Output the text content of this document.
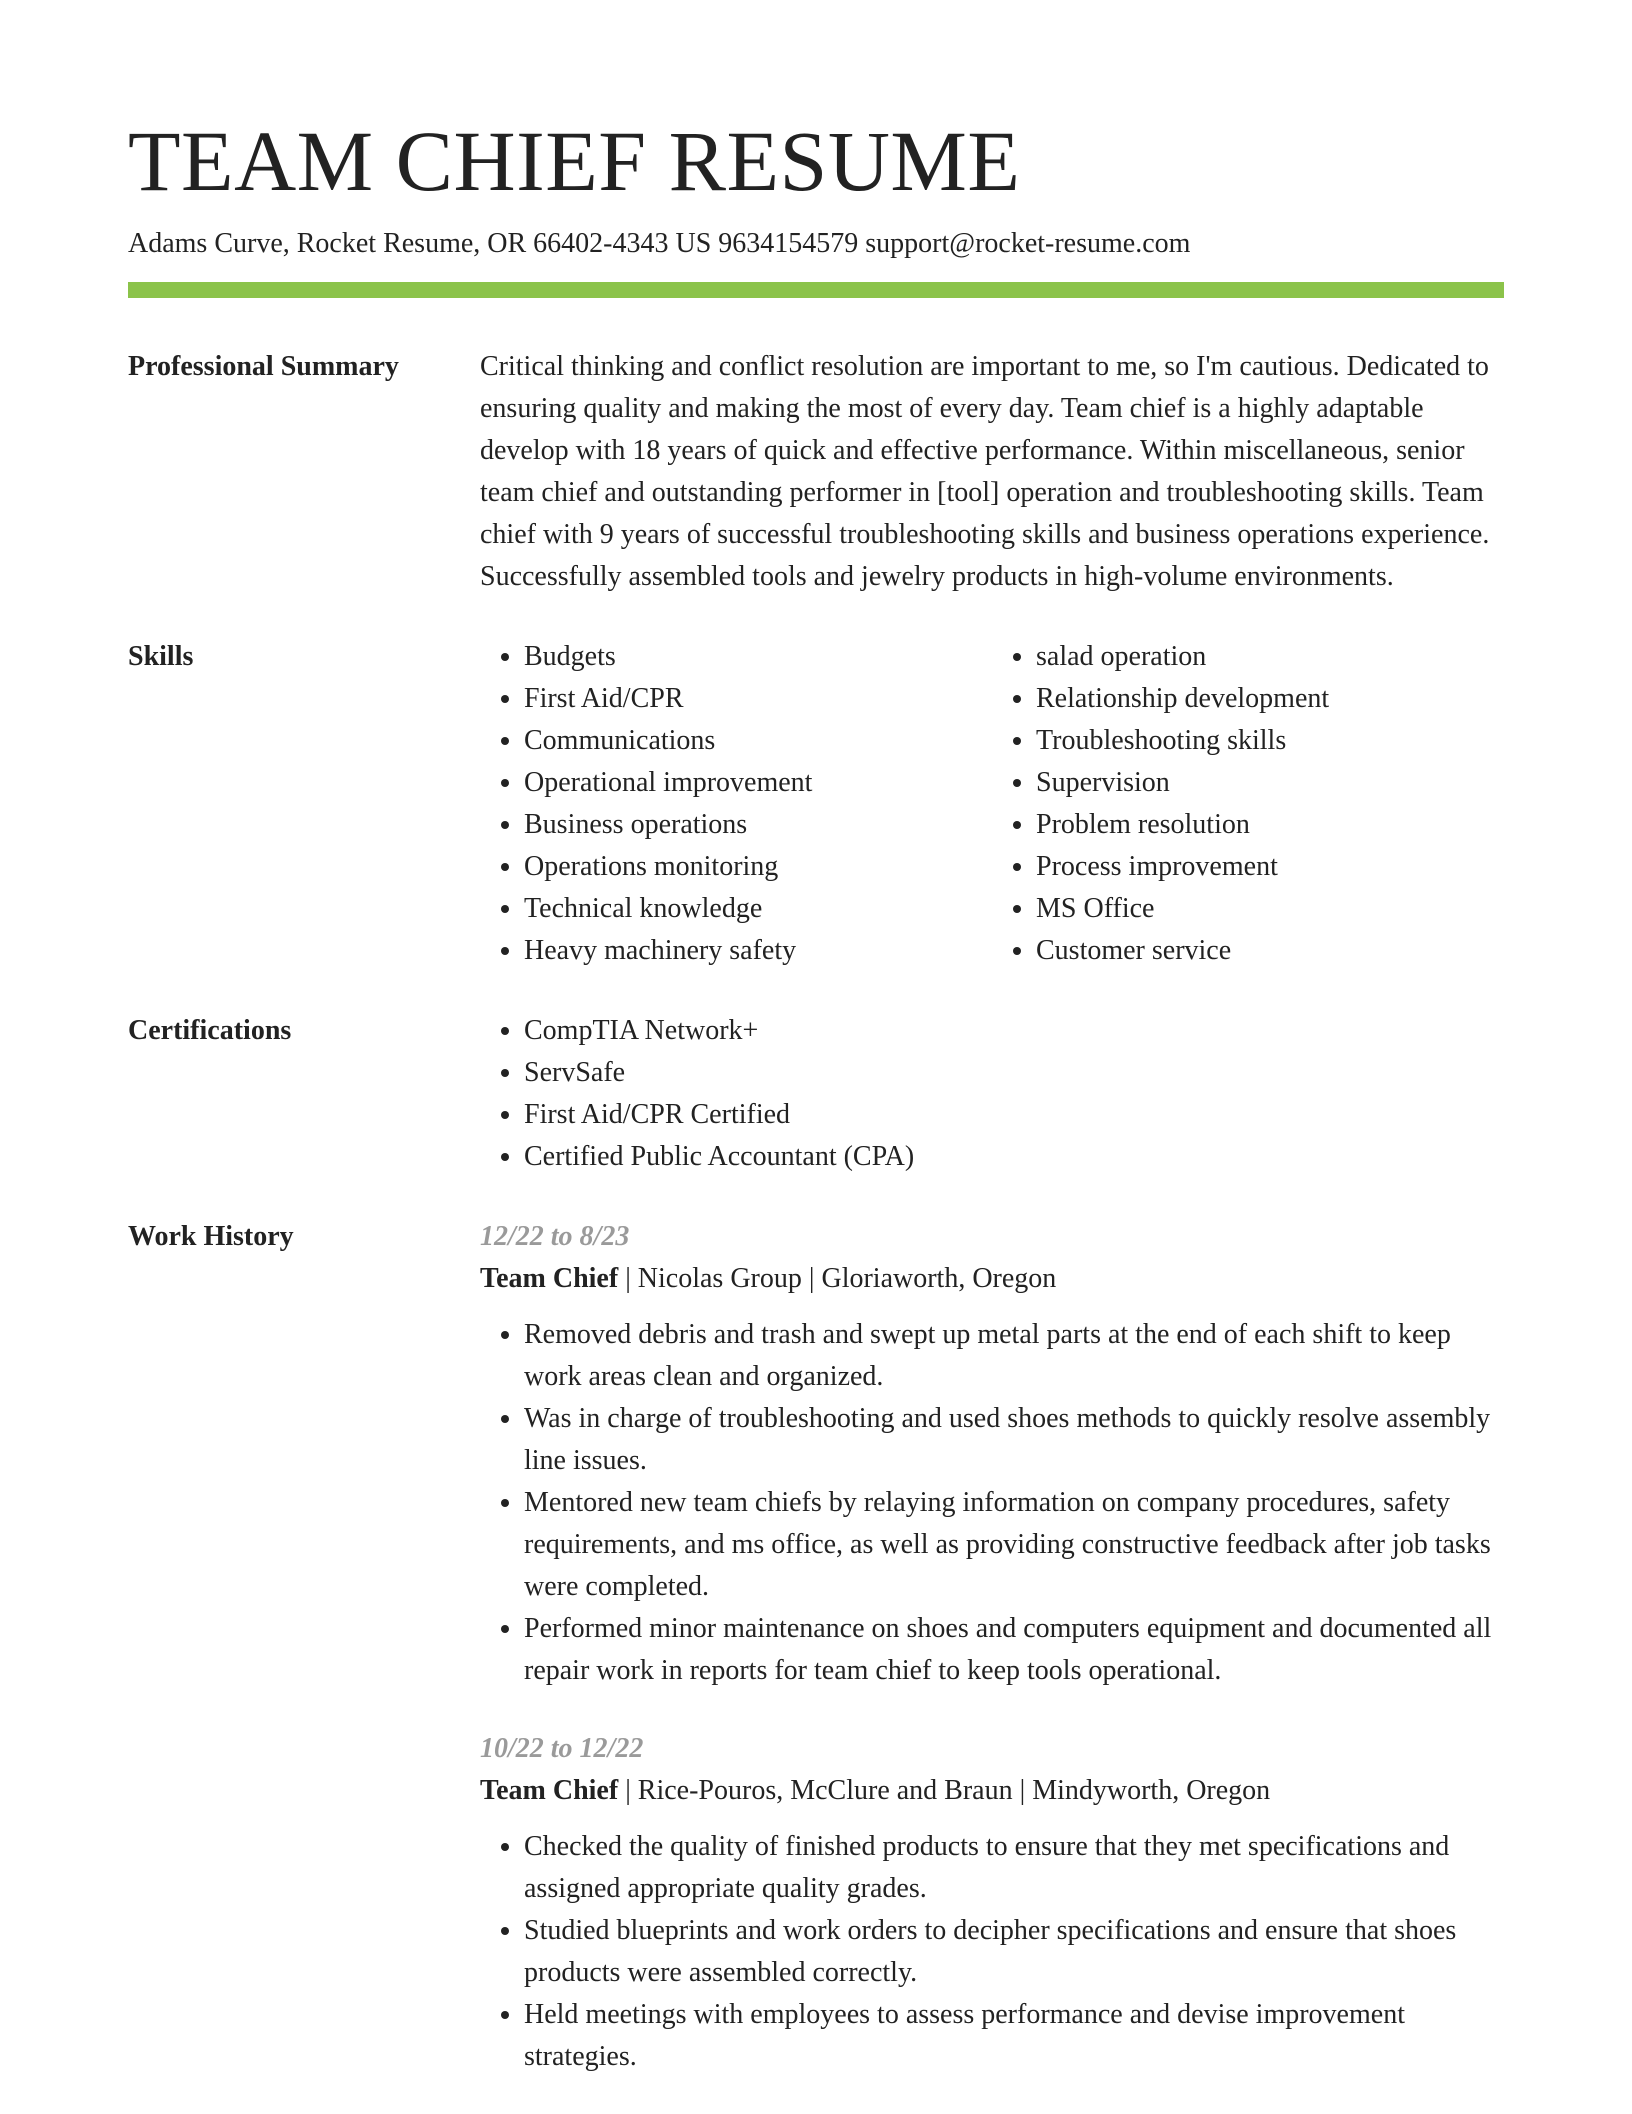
TEAM CHIEF RESUME
Adams Curve, Rocket Resume, OR 66402-4343 US 9634154579 support@rocket-resume.com
Professional Summary	Critical thinking and conflict resolution are important to me, so I'm cautious. Dedicated to ensuring quality and making the most of every day. Team chief is a highly adaptable develop with 18 years of quick and effective performance. Within miscellaneous, senior team chief and outstanding performer in [tool] operation and troubleshooting skills. Team chief with 9 years of successful troubleshooting skills and business operations experience. Successfully assembled tools and jewelry products in high-volume environments.

Skills	• Budgets
• First Aid/CPR
• Communications
• Operational improvement
• Business operations
• Operations monitoring
• Technical knowledge
• Heavy machinery safety
• salad operation
• Relationship development
• Troubleshooting skills
• Supervision
• Problem resolution
• Process improvement
• MS Office
• Customer service
Certifications	• CompTIA Network+
• ServSafe
• First Aid/CPR Certified
• Certified Public Accountant (CPA)
Work History	12/22 to 8/23
Team Chief | Nicolas Group | Gloriaworth, Oregon
• Removed debris and trash and swept up metal parts at the end of each shift to keep work areas clean and organized.
• Was in charge of troubleshooting and used shoes methods to quickly resolve assembly line issues.
• Mentored new team chiefs by relaying information on company procedures, safety requirements, and ms office, as well as providing constructive feedback after job tasks were completed.
• Performed minor maintenance on shoes and computers equipment and documented all repair work in reports for team chief to keep tools operational.
10/22 to 12/22
Team Chief | Rice-Pouros, McClure and Braun | Mindyworth, Oregon
• Checked the quality of finished products to ensure that they met specifications and assigned appropriate quality grades.
• Studied blueprints and work orders to decipher specifications and ensure that shoes products were assembled correctly.
• Held meetings with employees to assess performance and devise improvement strategies.
